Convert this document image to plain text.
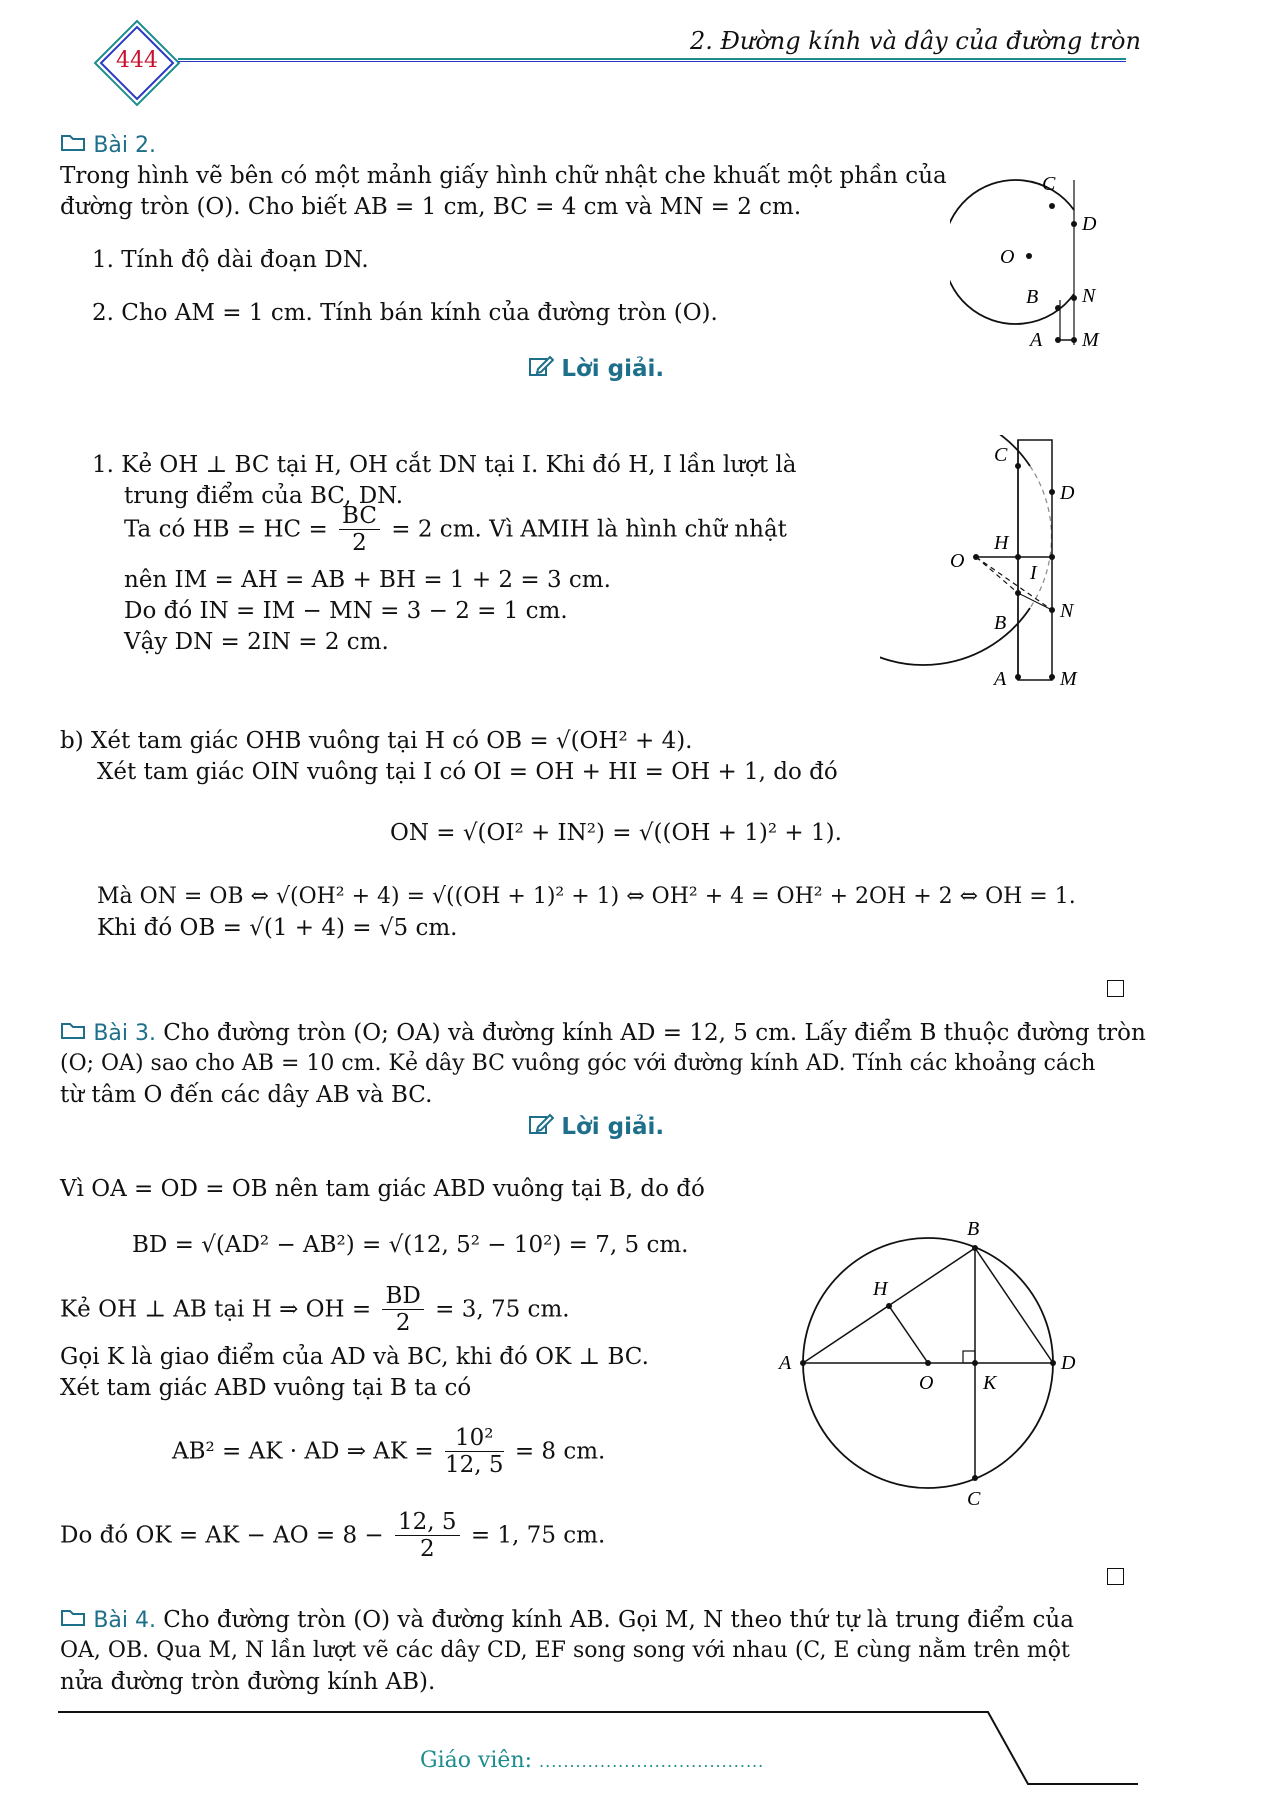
444
2. Đường kính và dây của đường tròn
Bài 2.
Trong hình vẽ bên có một mảnh giấy hình chữ nhật che khuất một phần của
đường tròn (O). Cho biết AB = 1 cm, BC = 4 cm và MN = 2 cm.
1. Tính độ dài đoạn DN.
2. Cho AM = 1 cm. Tính bán kính của đường tròn (O).
Lời giải.
C
D
O
B N
A M
1. Kẻ OH ⊥ BC tại H, OH cắt DN tại I. Khi đó H, I lần lượt là
trung điểm của BC, DN.
Ta có HB = HC = $\frac{BC}{2} = 2$ cm. Vì AMIH là hình chữ nhật
nên IM = AH = AB + BH = 1 + 2 = 3 cm.
Do đó IN = IM − MN = 3 − 2 = 1 cm.
Vậy DN = 2IN = 2 cm.
C
D
H
O
I
N
B
A	M
b) Xét tam giác OHB vuông tại H có OB = √(OH² + 4).
Xét tam giác OIN vuông tại I có OI = OH + HI = OH + 1, do đó
ON = √(OI² + IN²) = √((OH + 1)² + 1).
Mà ON = OB ⇔ √(OH² + 4) = √((OH + 1)² + 1) ⇔ OH² + 4 = OH² + 2OH + 2 ⇔ OH = 1.
Khi đó OB = √(1 + 4) = √5 cm.
Bài 3. Cho đường tròn (O; OA) và đường kính AD = 12, 5 cm. Lấy điểm B thuộc đường tròn
(O; OA) sao cho AB = 10 cm. Kẻ dây BC vuông góc với đường kính AD. Tính các khoảng cách
từ tâm O đến các dây AB và BC.
Lời giải.
Vì OA = OD = OB nên tam giác ABD vuông tại B, do đó
BD = √(AD² − AB²) = √(12, 5² − 10²) = 7, 5 cm.
Kẻ OH ⊥ AB tại H ⇒ OH = $\frac{BD}{2} = 3$, 75 cm.
Gọi K là giao điểm của AD và BC, khi đó OK ⊥ BC.
Xét tam giác ABD vuông tại B ta có
AB² = AK · AD ⇒ AK = $\frac{\text{10²}}{12, 5} = 8$ cm.
Do đó OK = AK − AO = $8 - \frac{12, 5}{2} = 1$, 75 cm.
B
H
A
O K
D
C
Bài 4. Cho đường tròn (O) và đường kính AB. Gọi M, N theo thứ tự là trung điểm của
OA, OB. Qua M, N lần lượt vẽ các dây CD, EF song song với nhau (C, E cùng nằm trên một
nửa đường tròn đường kính AB).
Giáo viên: .....................................
